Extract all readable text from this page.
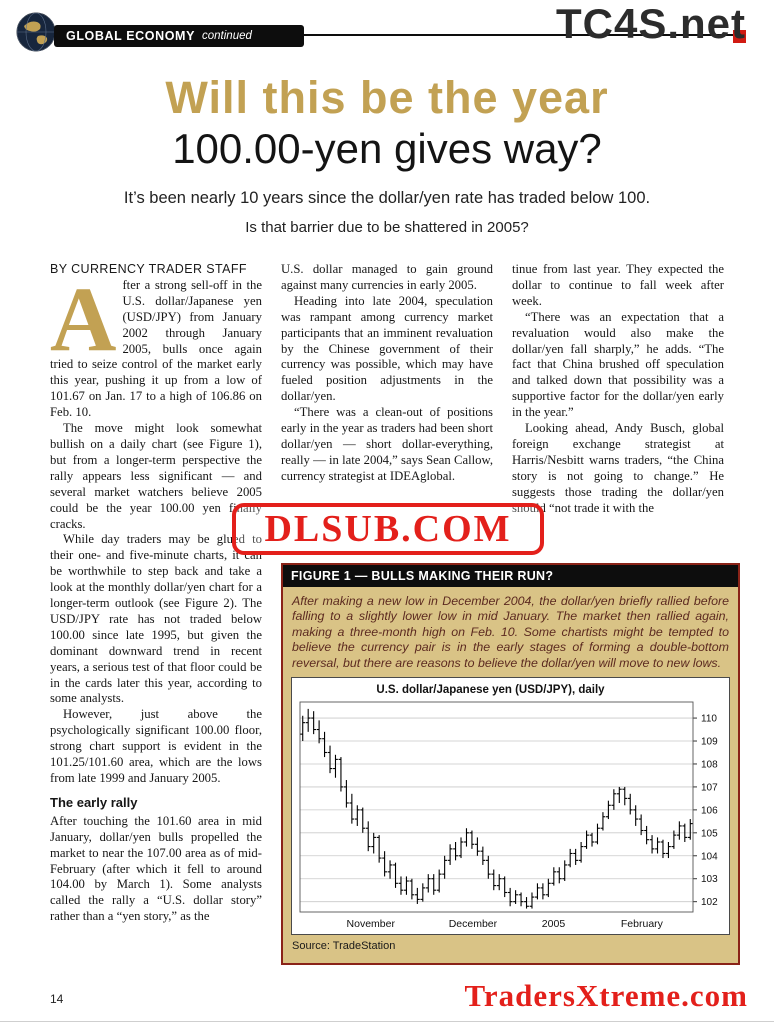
GLOBAL ECONOMY continued	TC4S.net
Will this be the year
100.00-yen gives way?
It’s been nearly 10 years since the dollar/yen rate has traded below 100.
Is that barrier due to be shattered in 2005?

BY CURRENCY TRADER STAFF

After a strong sell-off in the U.S. dollar/Japanese yen (USD/JPY) from January 2002 through January 2005, bulls once again tried to seize control of the market early this year, pushing it up from a low of 101.67 on Jan. 17 to a high of 106.86 on Feb. 10.

The move might look somewhat bullish on a daily chart (see Figure 1), but from a longer-term perspective the rally appears less significant — and several market watchers believe 2005 could be the year 100.00 yen finally cracks.

While day traders may be glued to their one- and five-minute charts, it can be worthwhile to step back and take a look at the monthly dollar/yen chart for a longer-term outlook (see Figure 2). The USD/JPY rate has not traded below 100.00 since late 1995, but given the dominant downward trend in recent years, a serious test of that floor could be in the cards later this year, according to some analysts.

However, just above the psychologically significant 100.00 floor, strong chart support is evident in the 101.25/101.60 area, which are the lows from late 1999 and January 2005.

The early rally

After touching the 101.60 area in mid January, dollar/yen bulls propelled the market to near the 107.00 area as of mid-February (after which it fell to around 104.00 by March 1). Some analysts called the rally a “U.S. dollar story” rather than a “yen story,” as the

U.S. dollar managed to gain ground against many currencies in early 2005.

Heading into late 2004, speculation was rampant among currency market participants that an imminent revaluation by the Chinese government of their currency was possible, which may have fueled position adjustments in the dollar/yen.

“There was a clean-out of positions early in the year as traders had been short dollar/yen — short dollar-everything, really — in late 2004,” says Sean Callow, currency strategist at IDEAglobal.

tinue from last year. They expected the dollar to continue to fall week after week.

“There was an expectation that a revaluation would also make the dollar/yen fall sharply,” he adds. “The fact that China brushed off speculation and talked down that possibility was a supportive factor for the dollar/yen early in the year.”

Looking ahead, Andy Busch, global foreign exchange strategist at Harris/Nesbitt warns traders, “the China story is not going to change.” He suggests those trading the dollar/yen should “not trade it with the

FIGURE 1 — BULLS MAKING THEIR RUN?
After making a new low in December 2004, the dollar/yen briefly rallied before falling to a slightly lower low in mid January. The market then rallied again, making a three-month high on Feb. 10. Some chartists might be tempted to believe the currency pair is in the early stages of forming a double-bottom reversal, but there are reasons to believe the dollar/yen will move to new lows.
U.S. dollar/Japanese yen (USD/JPY), daily
102
103
104
105
106
107
108
109
110
November	December	2005	February
Source: TradeStation
DLSUB.COM
TradersXtreme.com
14
